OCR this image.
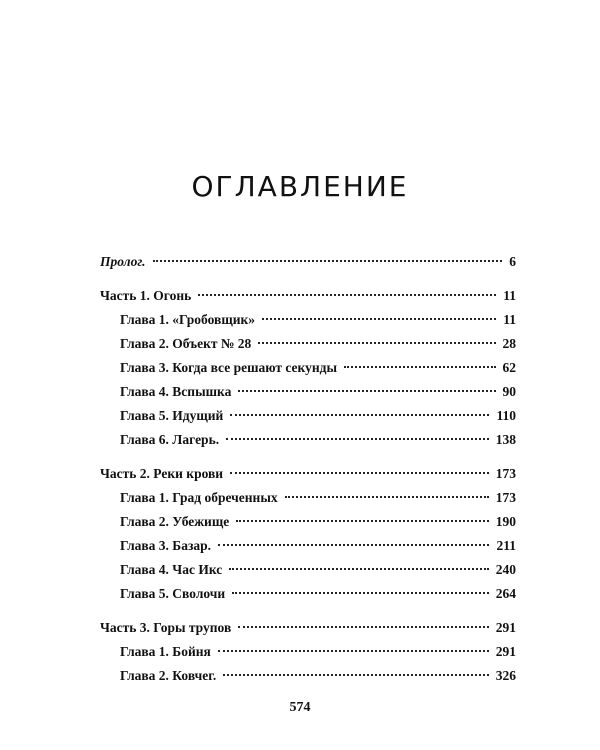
ОГЛАВЛЕНИЕ
Пролог.	6
Часть 1. Огонь	11
Глава 1. «Гробовщик»	11
Глава 2. Объект № 28	28
Глава 3. Когда все решают секунды	62
Глава 4. Вспышка	90
Глава 5. Идущий	110
Глава 6. Лагерь.	138
Часть 2. Реки крови	173
Глава 1. Град обреченных	173
Глава 2. Убежище	190
Глава 3. Базар.	211
Глава 4. Час Икс	240
Глава 5. Сволочи	264
Часть 3. Горы трупов	291
Глава 1. Бойня	291
Глава 2. Ковчег.	326
574
